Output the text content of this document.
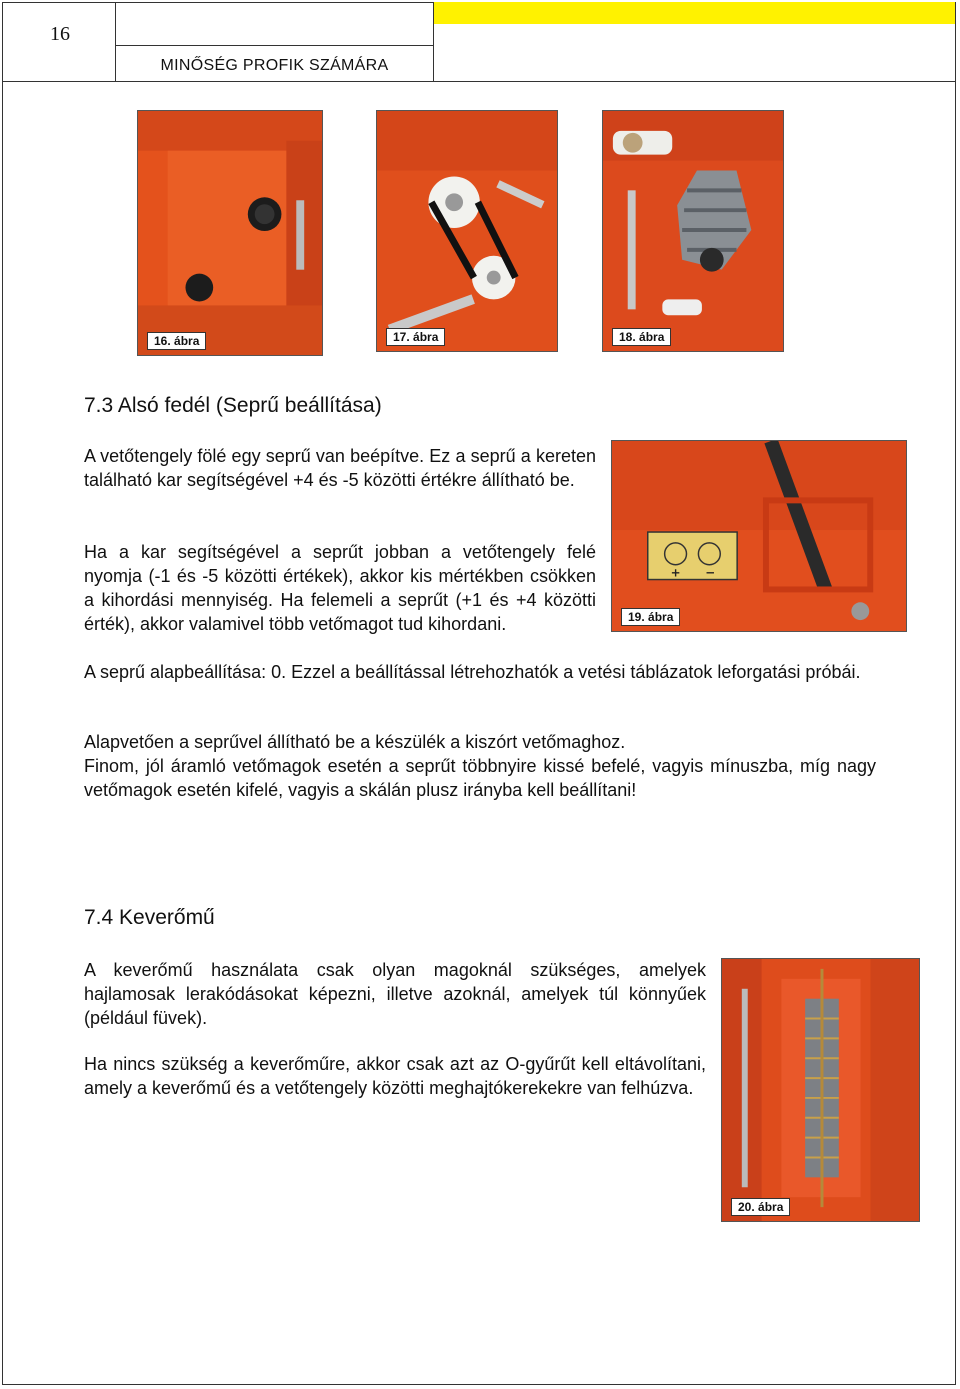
16
MINŐSÉG PROFIK SZÁMÁRA
16. ábra	17. ábra	18. ábra
7.3 Alsó fedél (Seprű beállítása)

A vetőtengely fölé egy seprű van beépítve. Ez a seprű a kereten található kar segítségével +4 és -5 közötti értékre állítható be.

Ha a kar segítségével a seprűt jobban a vetőtengely felé nyomja (-1 és -5 közötti értékek), akkor kis mértékben csökken a kihordási mennyiség. Ha felemeli a seprűt (+1 és +4 közötti érték), akkor valamivel több vetőmagot tud kihordani.

A seprű alapbeállítása: 0. Ezzel a beállítással létrehozhatók a vetési táblázatok leforgatási próbái.

Alapvetően a seprűvel állítható be a készülék a kiszórt vetőmaghoz.

Finom, jól áramló vetőmagok esetén a seprűt többnyire kissé befelé, vagyis mínuszba, míg nagy vetőmagok esetén kifelé, vagyis a skálán plusz irányba kell beállítani!

+ −
19. ábra
7.4 Keverőmű

A keverőmű használata csak olyan magoknál szükséges, amelyek hajlamosak lerakódásokat képezni, illetve azoknál, amelyek túl könnyűek (például füvek).

Ha nincs szükség a keverőműre, akkor csak azt az O-gyűrűt kell eltávolítani, amely a keverőmű és a vetőtengely közötti meghajtókerekekre van felhúzva.

20. ábra
